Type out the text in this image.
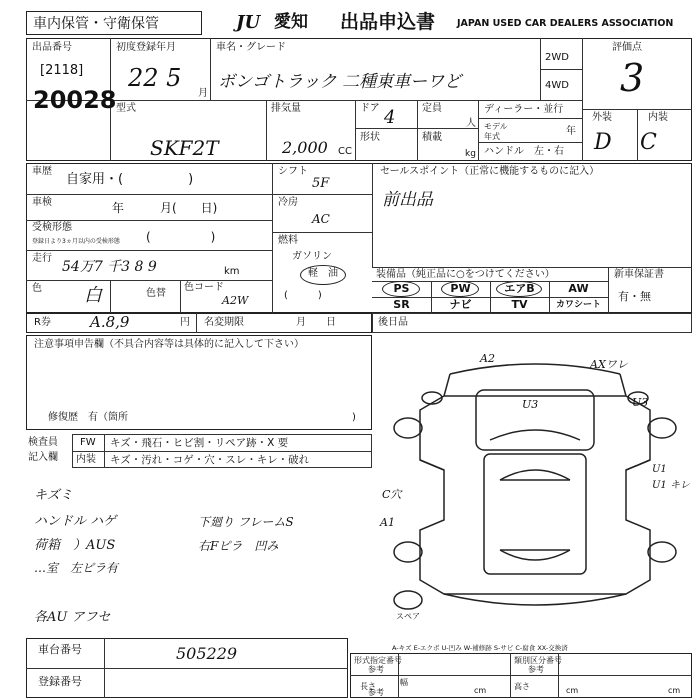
車内保管・守衛保管	JU 愛知 出品申込書 JAPAN USED CAR DEALERS ASSOCIATION
出品番号
[2118]
20028
初度登録年月
22 5
月
車名・グレード
ボンゴトラック 二種東車ーワど
2WD
4WD
評価点
3
外装	内装
D C
型式
SKF2T
排気量
2,000 CC
ドア 4	定員
人
形状	積載
kg
ディーラー・並行
モデル年式	年
ハンドル　左・右
車歴
自家用・(　　　　　)
車検	年　　　月(　　日)
受検形態
登録日より3ヵ月以内の受検形態 (　　　　　)
走行
54万7 千3 8 9	km
色 白	色替
色コード
A2W
シフト
5F
冷房
AC
燃料
ガソリン
軽　油
(　　　)
セールスポイント（正常に機能するものに記入）
前出品
装備品（純正品に○をつけてください）	新車保証書
有・無
PS	PW	エアB	AW
SR	ナビ	TV	カワシート
R券	A.8,9	円 名変期限	月　　日	後日品
注意事項申告欄（不具合内容等は具体的に記入して下さい）
修復歴　有（箇所	)
検査員
記入欄
FW キズ・飛石・ヒビ割・リペア跡・X 要
内装 キズ・汚れ・コゲ・穴・スレ・キレ・破れ
キズミ
ハンドル ハゲ
荷箱　）AUS
…室　左ピラ有
各AU アフセ
下廻り フレームS
右Fピラ　凹み
A2	AXワレ
U3	U3
U1
U1 キレ
C穴
A1
スペア
A-キズ E-エクボ U-凹み W-補修跡 S-サビ C-腐食 XX-交換済
車台番号	505229
登録番号
形式指定番号
参考
類別区分番号
参考
長さ	cm
幅
参考
高さ	cm	cm
